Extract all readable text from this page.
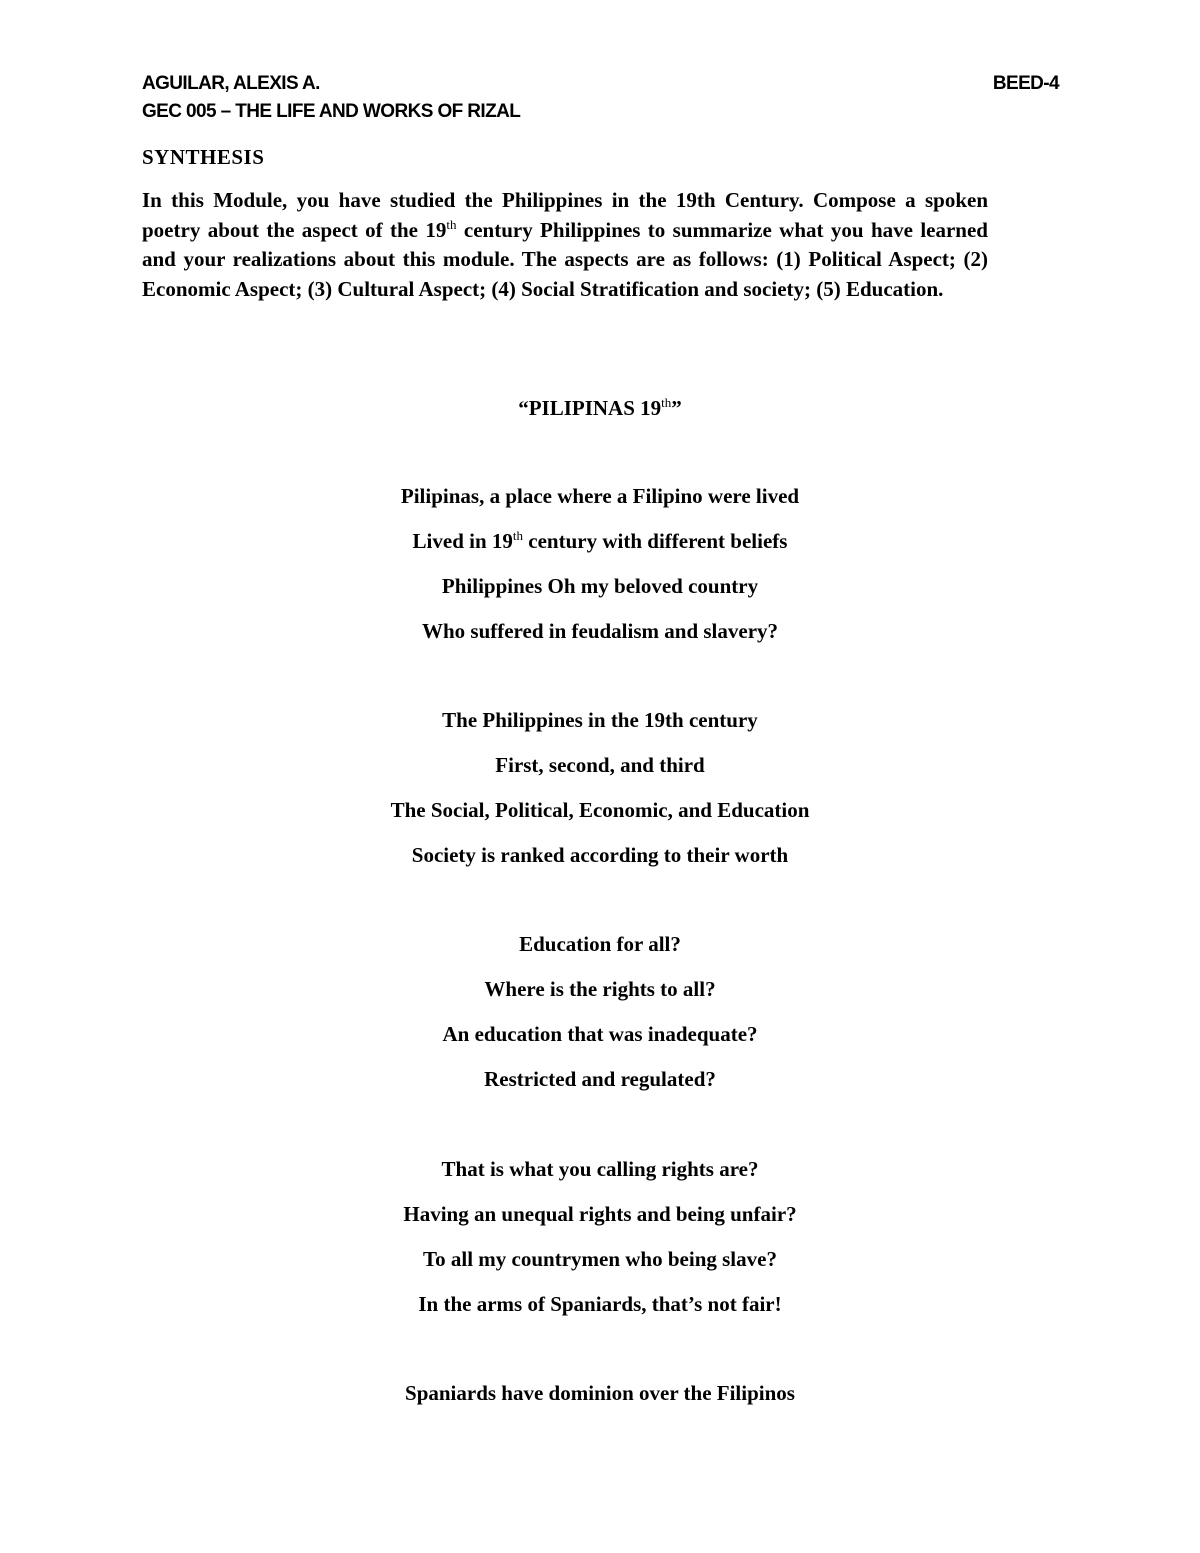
AGUILAR, ALEXIS A.	BEED-4
GEC 005 – THE LIFE AND WORKS OF RIZAL
SYNTHESIS
In this Module, you have studied the Philippines in the 19th Century. Compose a spoken poetry about the aspect of the 19th century Philippines to summarize what you have learned and your realizations about this module. The aspects are as follows: (1) Political Aspect; (2) Economic Aspect; (3) Cultural Aspect; (4) Social Stratification and society; (5) Education.
“PILIPINAS 19th”
Pilipinas, a place where a Filipino were lived
Lived in 19th century with different beliefs
Philippines Oh my beloved country
Who suffered in feudalism and slavery?
The Philippines in the 19th century
First, second, and third
The Social, Political, Economic, and Education
Society is ranked according to their worth
Education for all?
Where is the rights to all?
An education that was inadequate?
Restricted and regulated?
That is what you calling rights are?
Having an unequal rights and being unfair?
To all my countrymen who being slave?
In the arms of Spaniards, that’s not fair!
Spaniards have dominion over the Filipinos
